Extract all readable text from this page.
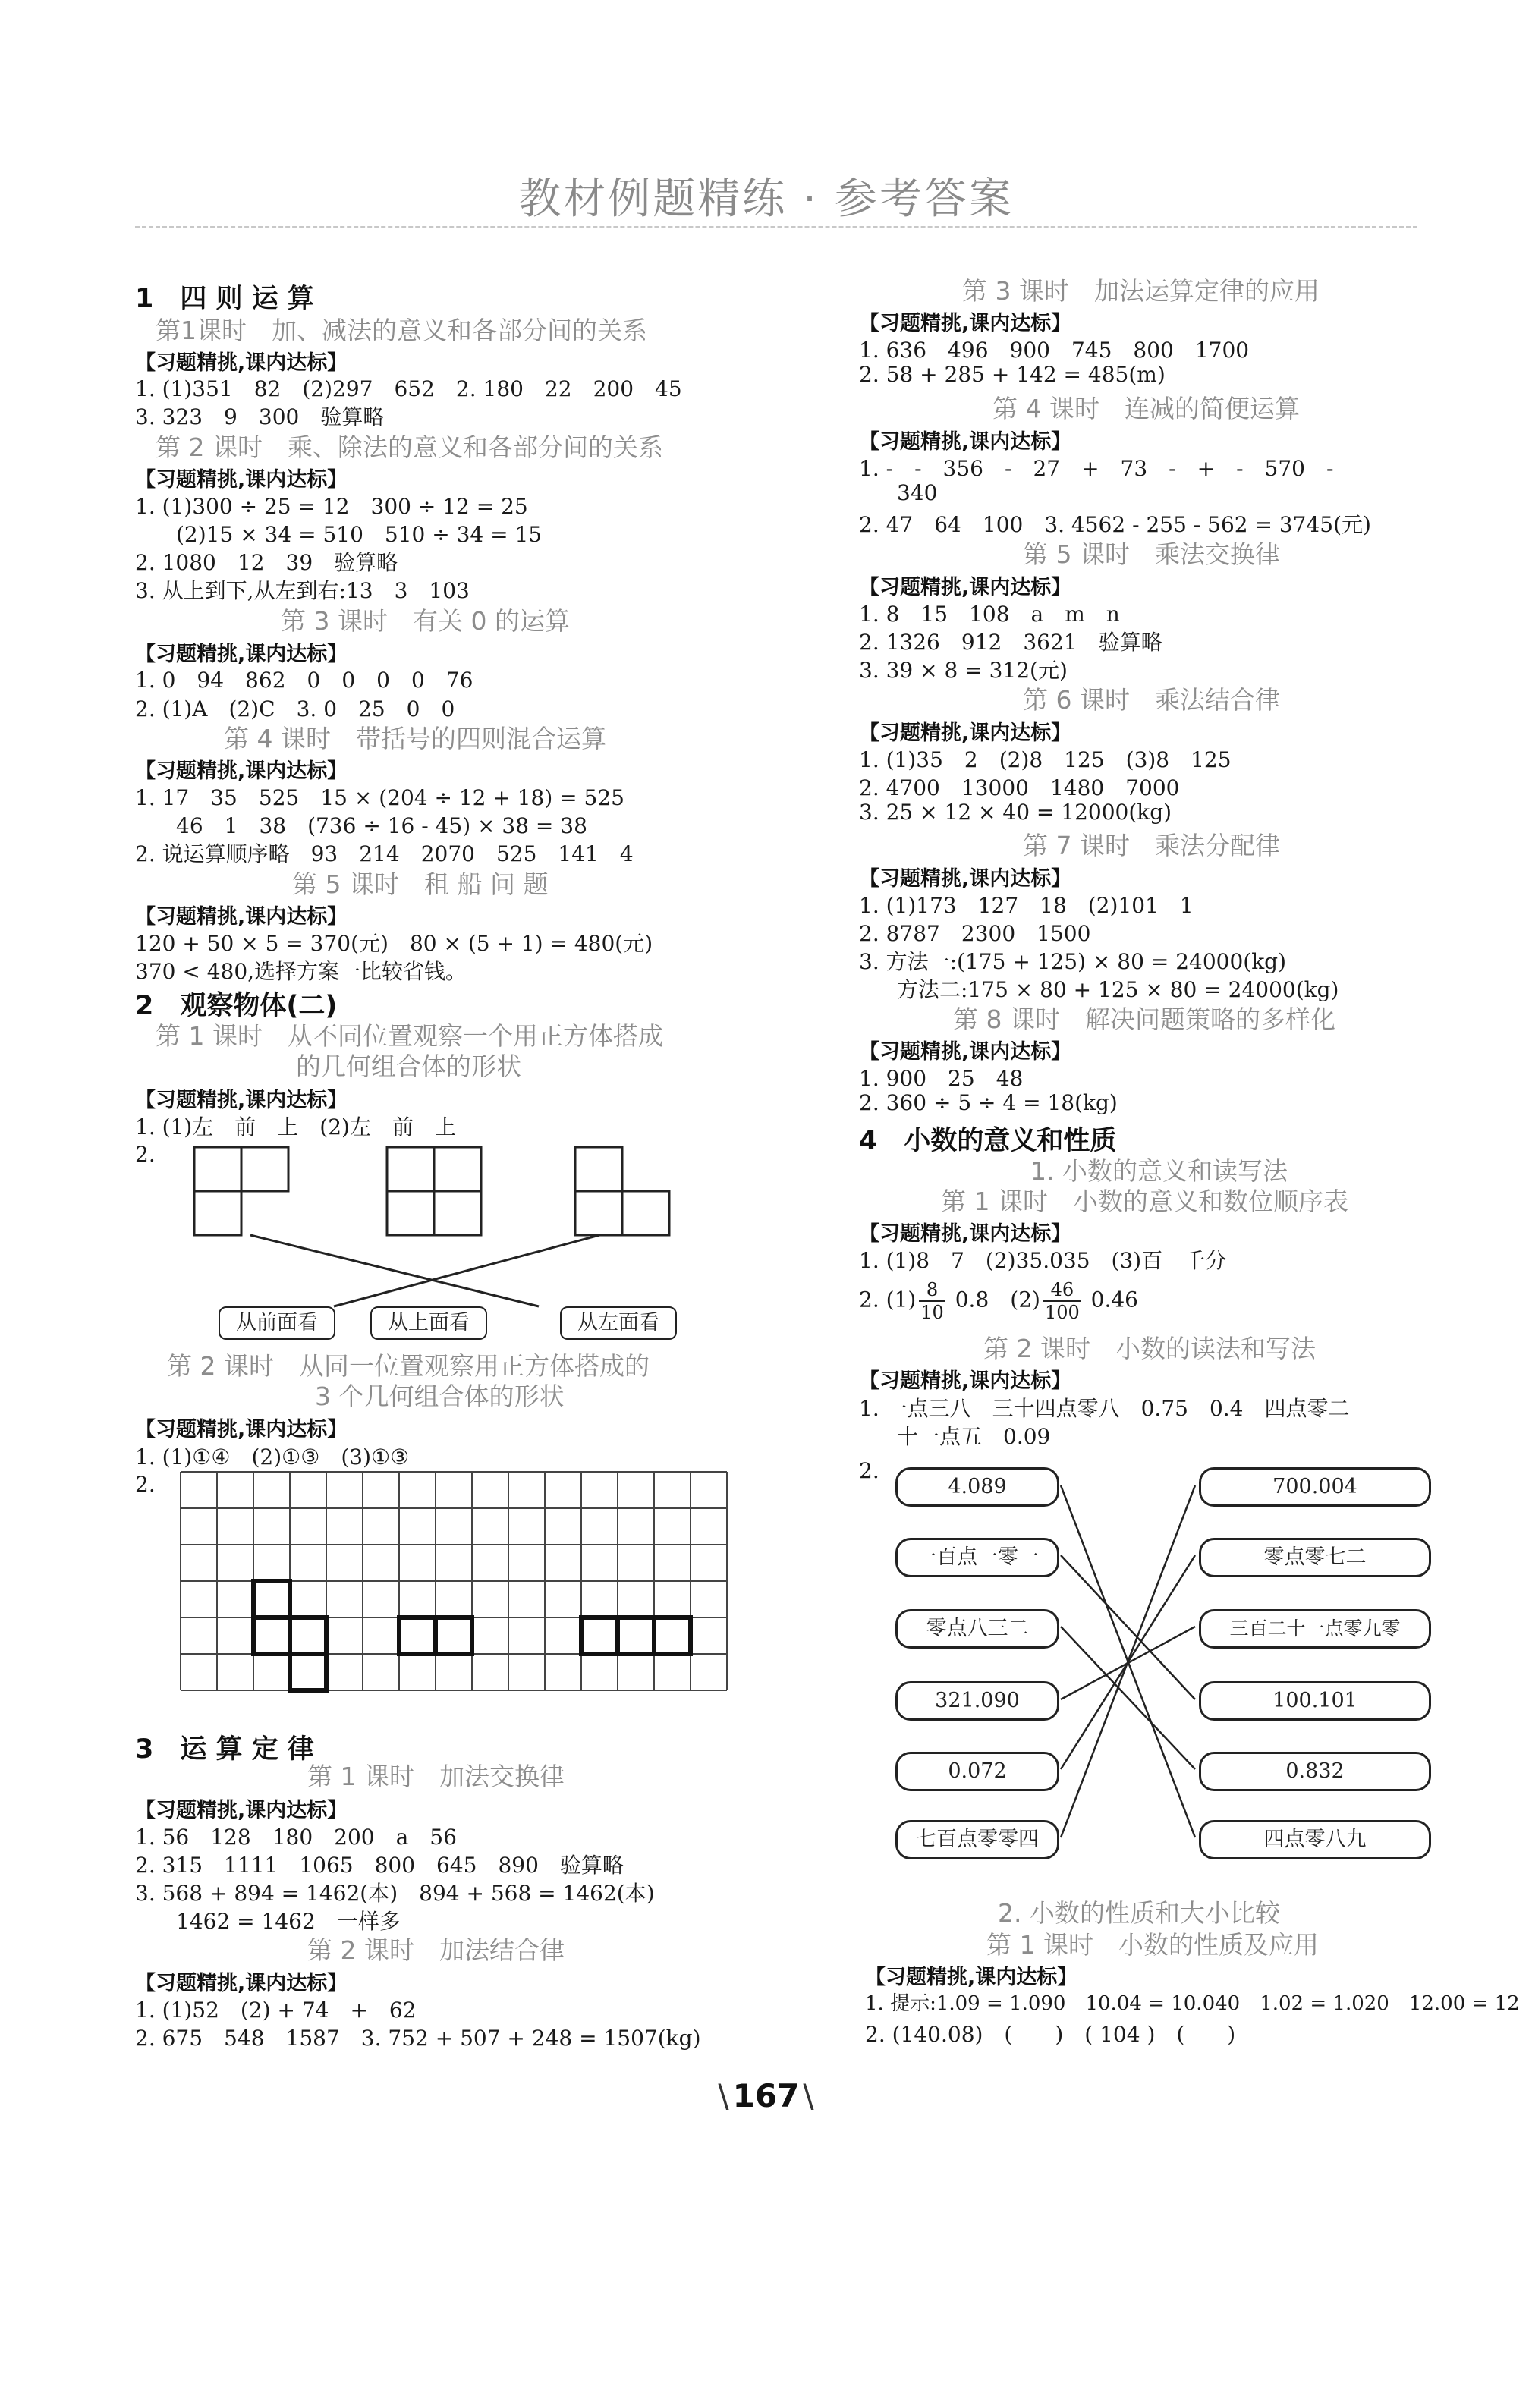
教材例题精练 · 参考答案
1　四 则 运 算
第1课时　加、减法的意义和各部分间的关系
【习题精挑,课内达标】
1. (1)351　82　(2)297　652　2. 180　22　200　45
3. 323　9　300　验算略
第 2 课时　乘、除法的意义和各部分间的关系
【习题精挑,课内达标】
1. (1)300 ÷ 25 = 12　300 ÷ 12 = 25
(2)15 × 34 = 510　510 ÷ 34 = 15
2. 1080　12　39　验算略
3. 从上到下,从左到右:13　3　103
第 3 课时　有关 0 的运算
【习题精挑,课内达标】
1. 0　94　862　0　0　0　0　76
2. (1)A　(2)C　3. 0　25　0　0
第 4 课时　带括号的四则混合运算
【习题精挑,课内达标】
1. 17　35　525　15 × (204 ÷ 12 + 18) = 525
46　1　38　(736 ÷ 16 - 45) × 38 = 38
2. 说运算顺序略　93　214　2070　525　141　4
第 5 课时　租 船 问 题
【习题精挑,课内达标】
120 + 50 × 5 = 370(元)　80 × (5 + 1) = 480(元)
370 < 480,选择方案一比较省钱。
2　观察物体(二)
第 1 课时　从不同位置观察一个用正方体搭成
的几何组合体的形状
【习题精挑,课内达标】
1. (1)左　前　上　(2)左　前　上
2.
从前面看	从上面看	从左面看
第 2 课时　从同一位置观察用正方体搭成的
3 个几何组合体的形状
【习题精挑,课内达标】
1. (1)①④　(2)①③　(3)①③
2.
3　运 算 定 律
第 1 课时　加法交换律
【习题精挑,课内达标】
1. 56　128　180　200　a　56
2. 315　1111　1065　800　645　890　验算略
3. 568 + 894 = 1462(本)　894 + 568 = 1462(本)
1462 = 1462　一样多
第 2 课时　加法结合律
【习题精挑,课内达标】
1. (1)52　(2) + 74　+　62
2. 675　548　1587　3. 752 + 507 + 248 = 1507(kg)
第 3 课时　加法运算定律的应用
【习题精挑,课内达标】
1. 636　496　900　745　800　1700
2. 58 + 285 + 142 = 485(m)
第 4 课时　连减的简便运算
【习题精挑,课内达标】
1. -　-　356　-　27　+　73　-　+　-　570　-
340
2. 47　64　100　3. 4562 - 255 - 562 = 3745(元)
第 5 课时　乘法交换律
【习题精挑,课内达标】
1. 8　15　108　a　m　n
2. 1326　912　3621　验算略
3. 39 × 8 = 312(元)
第 6 课时　乘法结合律
【习题精挑,课内达标】
1. (1)35　2　(2)8　125　(3)8　125
2. 4700　13000　1480　7000
3. 25 × 12 × 40 = 12000(kg)
第 7 课时　乘法分配律
【习题精挑,课内达标】
1. (1)173　127　18　(2)101　1
2. 8787　2300　1500
3. 方法一:(175 + 125) × 80 = 24000(kg)
方法二:175 × 80 + 125 × 80 = 24000(kg)
第 8 课时　解决问题策略的多样化
【习题精挑,课内达标】
1. 900　25　48
2. 360 ÷ 5 ÷ 4 = 18(kg)
4　小数的意义和性质
1. 小数的意义和读写法
第 1 课时　小数的意义和数位顺序表
【习题精挑,课内达标】
1. (1)8　7　(2)35.035　(3)百　千分
2. $(1) \frac{8}{10} 0.8$　$(2) \frac{46}{100} 0.46$
第 2 课时　小数的读法和写法
【习题精挑,课内达标】
1. 一点三八　三十四点零八　0.75　0.4　四点零二
十一点五　0.09
2.
4.089
一百点一零一
零点八三二
321.090
0.072
七百点零零四
700.004
零点零七二
三百二十一点零九零
100.101
0.832
四点零八九
2. 小数的性质和大小比较
第 1 课时　小数的性质及应用
【习题精挑,课内达标】
1. 提示:1.09 = 1.090　10.04 = 10.040　1.02 = 1.020　12.00 = 12
2. (140.08)　(　　)　( 104 )　(　　)
\ 167 \
